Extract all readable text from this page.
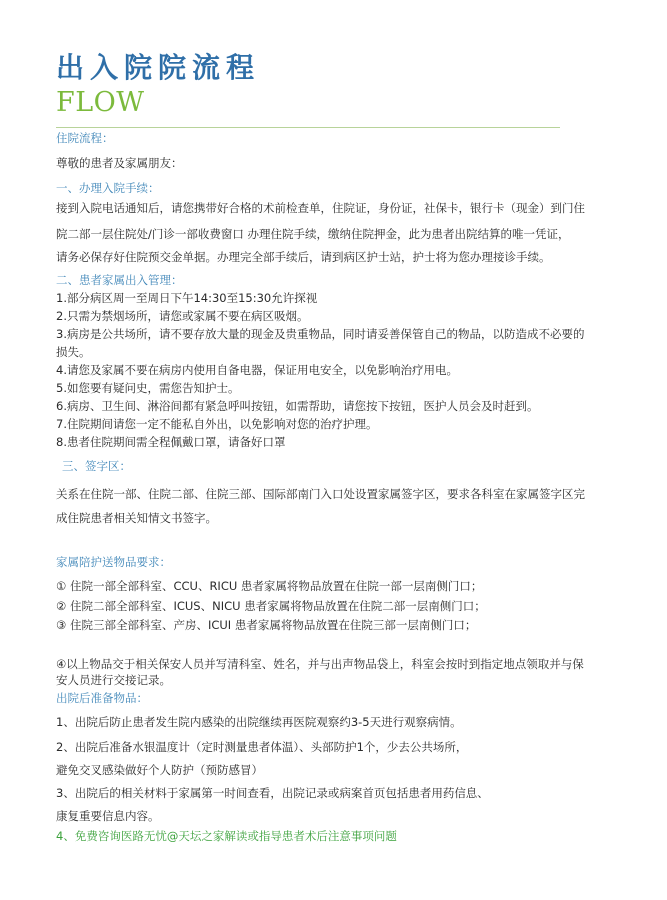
出入院院流程
FLOW
住院流程：
尊敬的患者及家属朋友：
一、办理入院手续：
接到入院电话通知后，请您携带好合格的术前检查单，住院证，身份证，社保卡，银行卡（现金）到门住
院二部一层住院处/门诊一部收费窗口 办理住院手续，缴纳住院押金，此为患者出院结算的唯一凭证，
请务必保存好住院预交金单据。办理完全部手续后，请到病区护士站，护士将为您办理接诊手续。
二、患者家属出入管理：
1.部分病区周一至周日下午14:30至15:30允许探视
2.只需为禁烟场所，请您或家属不要在病区吸烟。
3.病房是公共场所，请不要存放大量的现金及贵重物品，同时请妥善保管自己的物品，以防造成不必要的
损失。
4.请您及家属不要在病房内使用自备电器，保证用电安全，以免影响治疗用电。
5.如您要有疑问史，需您告知护士。
6.病房、卫生间、淋浴间都有紧急呼叫按钮，如需帮助，请您按下按钮，医护人员会及时赶到。
7.住院期间请您一定不能私自外出，以免影响对您的治疗护理。
8.患者住院期间需全程佩戴口罩，请备好口罩
三、签字区：
关系在住院一部、住院二部、住院三部、国际部南门入口处设置家属签字区，要求各科室在家属签字区完
成住院患者相关知情文书签字。
家属陪护送物品要求：
① 住院一部全部科室、CCU、RICU 患者家属将物品放置在住院一部一层南侧门口；
② 住院二部全部科室、ICUS、NICU 患者家属将物品放置在住院二部一层南侧门口；
③ 住院三部全部科室、产房、ICUI 患者家属将物品放置在住院三部一层南侧门口；
④以上物品交于相关保安人员并写清科室、姓名，并与出声物品袋上，科室会按时到指定地点领取并与保
安人员进行交接记录。
出院后准备物品：
1、出院后防止患者发生院内感染的出院继续再医院观察约3-5天进行观察病情。
2、出院后准备水银温度计（定时测量患者体温）、头部防护1个，少去公共场所，
避免交叉感染做好个人防护（预防感冒）
3、出院后的相关材料于家属第一时间查看，出院记录或病案首页包括患者用药信息、
康复重要信息内容。
4、免费咨询医路无忧@天坛之家解读或指导患者术后注意事项问题
